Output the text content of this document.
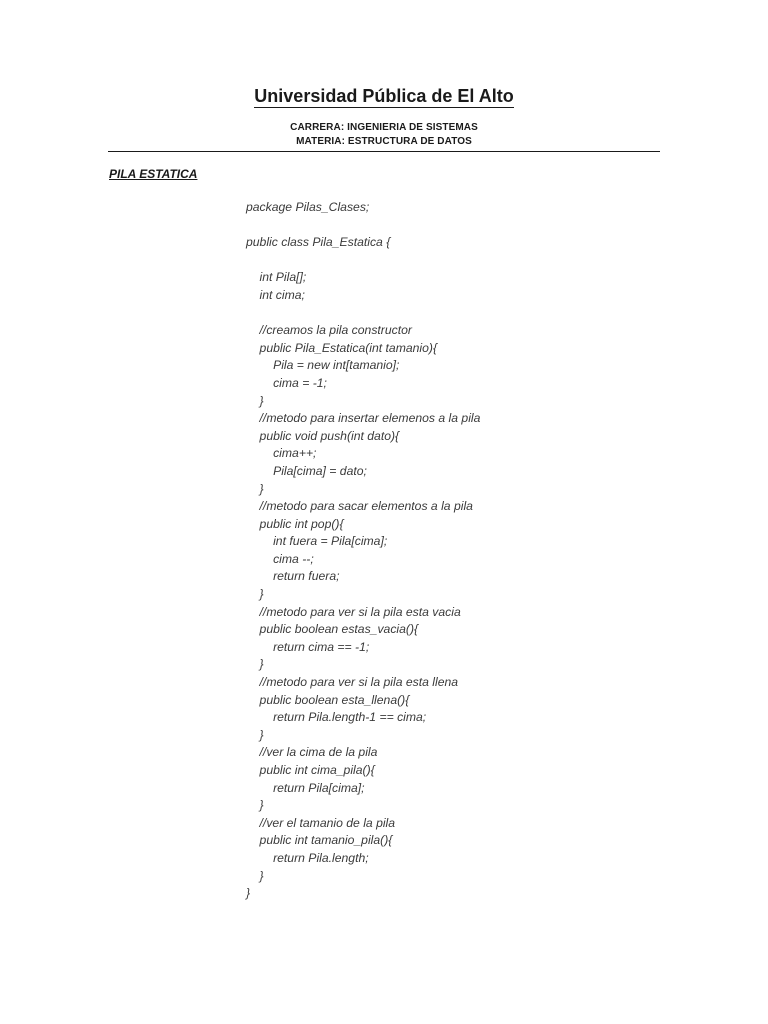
Universidad Pública de El Alto
CARRERA: INGENIERIA DE SISTEMAS
MATERIA: ESTRUCTURA DE DATOS
PILA ESTATICA
package Pilas_Clases;
public class Pila_Estatica {
int Pila[];
int cima;
//creamos la pila constructor
public Pila_Estatica(int tamanio){
Pila = new int[tamanio];
cima = -1;
}
//metodo para insertar elemenos a la pila
public void push(int dato){
cima++;
Pila[cima] = dato;
}
//metodo para sacar elementos a la pila
public int pop(){
int fuera = Pila[cima];
cima --;
return fuera;
}
//metodo para ver si la pila esta vacia
public boolean estas_vacia(){
return cima == -1;
}
//metodo para ver si la pila esta llena
public boolean esta_llena(){
return Pila.length-1 == cima;
}
//ver la cima de la pila
public int cima_pila(){
return Pila[cima];
}
//ver el tamanio de la pila
public int tamanio_pila(){
return Pila.length;
}
}
